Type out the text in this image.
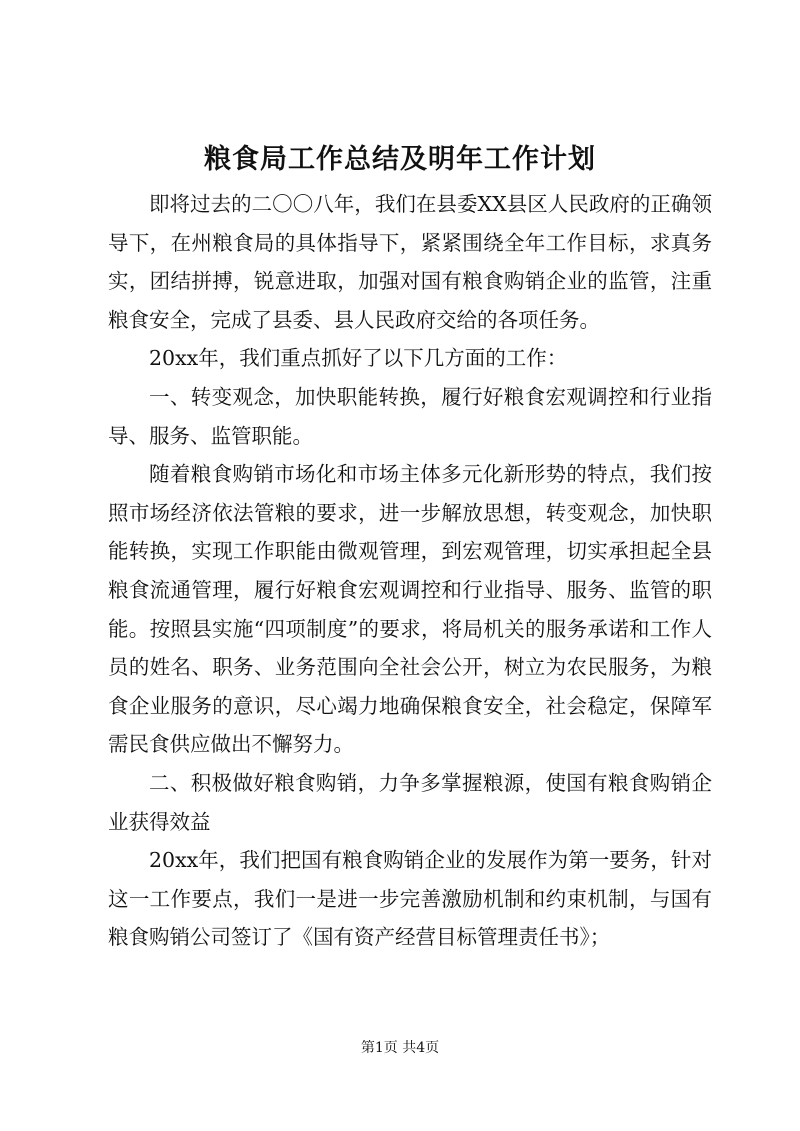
粮食局工作总结及明年工作计划

即将过去的二〇〇八年，我们在县委XX县区人民政府的正确领导下，在州粮食局的具体指导下，紧紧围绕全年工作目标，求真务实，团结拼搏，锐意进取，加强对国有粮食购销企业的监管，注重粮食安全，完成了县委、县人民政府交给的各项任务。

20xx年，我们重点抓好了以下几方面的工作：

一、转变观念，加快职能转换，履行好粮食宏观调控和行业指导、服务、监管职能。

随着粮食购销市场化和市场主体多元化新形势的特点，我们按照市场经济依法管粮的要求，进一步解放思想，转变观念，加快职能转换，实现工作职能由微观管理，到宏观管理，切实承担起全县粮食流通管理，履行好粮食宏观调控和行业指导、服务、监管的职能。按照县实施“四项制度”的要求，将局机关的服务承诺和工作人员的姓名、职务、业务范围向全社会公开，树立为农民服务，为粮食企业服务的意识，尽心竭力地确保粮食安全，社会稳定，保障军需民食供应做出不懈努力。

二、积极做好粮食购销，力争多掌握粮源，使国有粮食购销企业获得效益

20xx年，我们把国有粮食购销企业的发展作为第一要务，针对这一工作要点，我们一是进一步完善激励机制和约束机制，与国有粮食购销公司签订了《国有资产经营目标管理责任书》；

第1页 共4页
